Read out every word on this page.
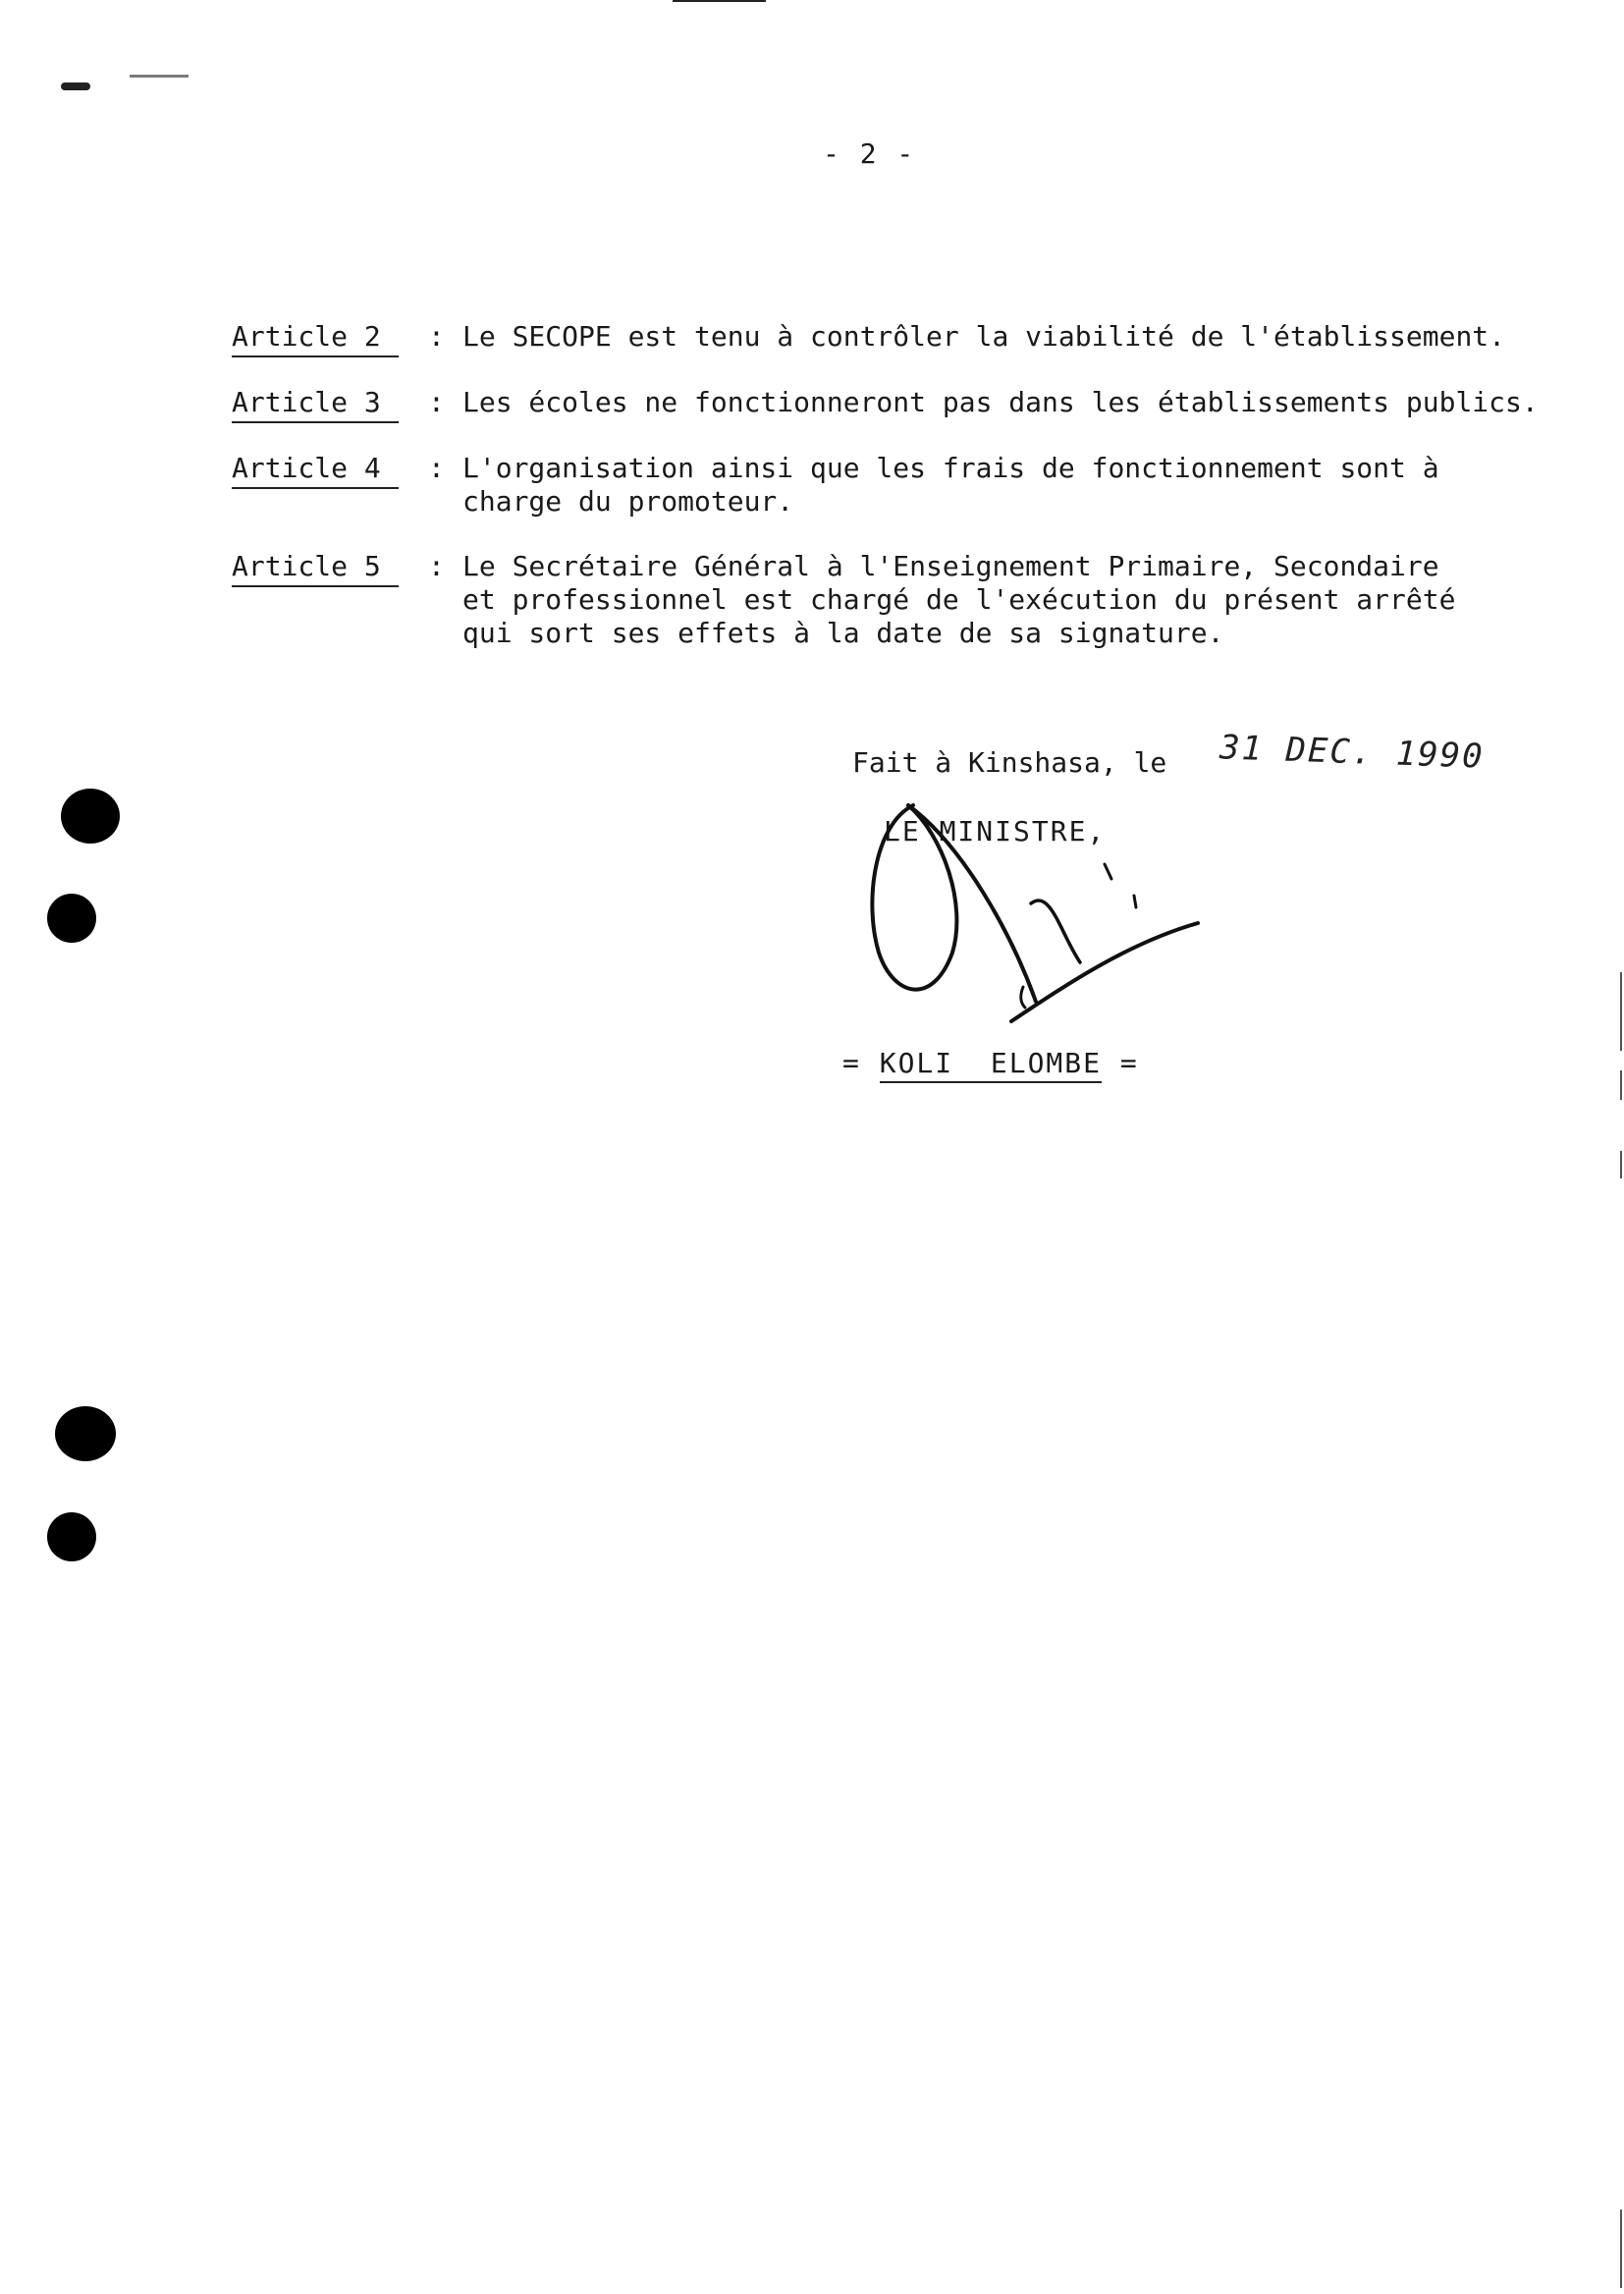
- 2 -
Article 2	: Le SECOPE est tenu à contrôler la viabilité de l'établissement.
Article 3	: Les écoles ne fonctionneront pas dans les établissements publics.
Article 4	: L'organisation ainsi que les frais de fonctionnement sont à
charge du promoteur.
Article 5	: Le Secrétaire Général à l'Enseignement Primaire, Secondaire
et professionnel est chargé de l'exécution du présent arrêté
qui sort ses effets à la date de sa signature.
Fait à Kinshasa, le 31 DEC. 1990
LE MINISTRE,
= KOLI  ELOMBE =
